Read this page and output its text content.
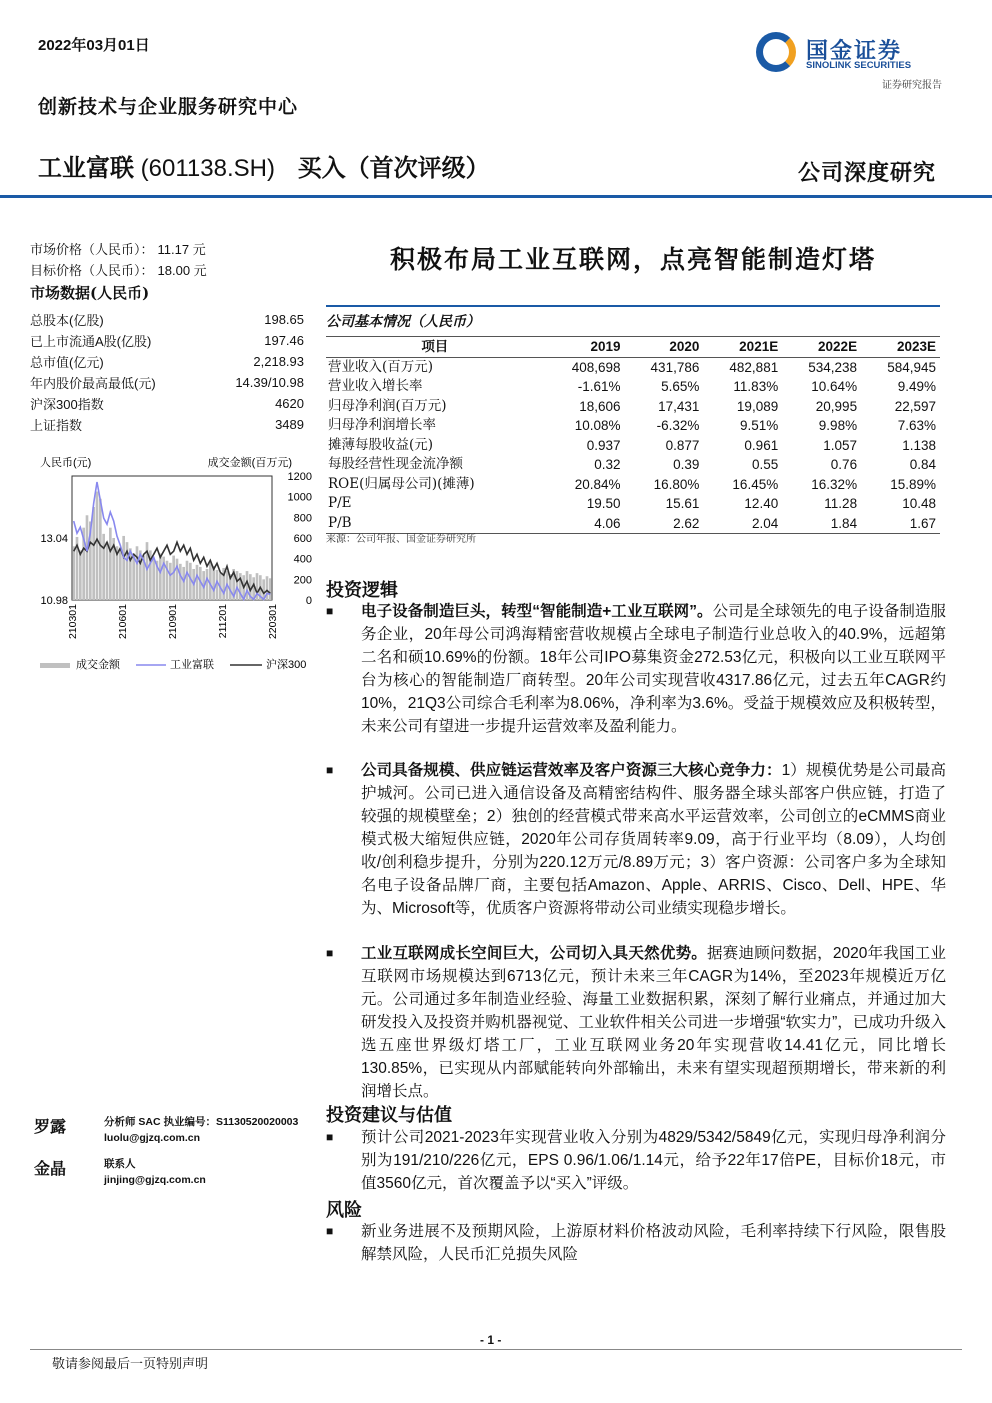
2022年03月01日
创新技术与企业服务研究中心
国金证券
SINOLINK SECURITIES
证券研究报告
工业富联 (601138.SH) 买入（首次评级）	公司深度研究
市场价格（人民币）： 11.17 元
目标价格（人民币）： 18.00 元
市场数据(人民币)
总股本(亿股)	198.65
已上市流通A股(亿股)	197.46
总市值(亿元)	2,218.93
年内股价最高最低(元)	14.39/10.98
沪深300指数	4620
上证指数	3489
人民币(元)	成交金额(百万元)
13.04
10.98
1200
1000
800
600
400
200
0
210301	210601	210901	211201	220301
成交金额	工业富联	沪深300
罗露	分析师 SAC 执业编号：S1130520020003
luolu@gjzq.com.cn
金晶	联系人
jinjing@gjzq.com.cn
积极布局工业互联网，点亮智能制造灯塔
公司基本情况（人民币）
项目	2019	2020	2021E	2022E	2023E
营业收入(百万元)	408,698	431,786	482,881	534,238	584,945
营业收入增长率	-1.61%	5.65%	11.83%	10.64%	9.49%
归母净利润(百万元)	18,606	17,431	19,089	20,995	22,597
归母净利润增长率	10.08%	-6.32%	9.51%	9.98%	7.63%
摊薄每股收益(元)	0.937	0.877	0.961	1.057	1.138
每股经营性现金流净额	0.32	0.39	0.55	0.76	0.84
ROE(归属母公司)(摊薄)	20.84%	16.80%	16.45%	16.32%	15.89%
P/E	19.50	15.61	12.40	11.28	10.48
P/B	4.06	2.62	2.04	1.84	1.67
来源：公司年报、国金证券研究所
投资逻辑
■ 电子设备制造巨头，转型“智能制造+工业互联网”。公司是全球领先的电子设备制造服务企业，20年母公司鸿海精密营收规模占全球电子制造行业总收入的40.9%，远超第二名和硕10.69%的份额。18年公司IPO募集资金272.53亿元，积极向以工业互联网平台为核心的智能制造厂商转型。20年公司实现营收4317.86亿元，过去五年CAGR约10%，21Q3公司综合毛利率为8.06%，净利率为3.6%。受益于规模效应及积极转型，未来公司有望进一步提升运营效率及盈利能力。
■ 公司具备规模、供应链运营效率及客户资源三大核心竞争力：1）规模优势是公司最高护城河。公司已进入通信设备及高精密结构件、服务器全球头部客户供应链，打造了较强的规模壁垒；2）独创的经营模式带来高水平运营效率，公司创立的eCMMS商业模式极大缩短供应链，2020年公司存货周转率9.09，高于行业平均（8.09），人均创收/创利稳步提升，分别为220.12万元/8.89万元；3）客户资源：公司客户多为全球知名电子设备品牌厂商，主要包括Amazon、Apple、ARRIS、Cisco、Dell、HPE、华为、Microsoft等，优质客户资源将带动公司业绩实现稳步增长。
■ 工业互联网成长空间巨大，公司切入具天然优势。据赛迪顾问数据，2020年我国工业互联网市场规模达到6713亿元，预计未来三年CAGR为14%，至2023年规模近万亿元。公司通过多年制造业经验、海量工业数据积累，深刻了解行业痛点，并通过加大研发投入及投资并购机器视觉、工业软件相关公司进一步增强“软实力”，已成功升级入选五座世界级灯塔工厂，工业互联网业务20年实现营收14.41亿元，同比增长130.85%，已实现从内部赋能转向外部输出，未来有望实现超预期增长，带来新的利润增长点。
投资建议与估值
■ 预计公司2021-2023年实现营业收入分别为4829/5342/5849亿元，实现归母净利润分别为191/210/226亿元，EPS 0.96/1.06/1.14元，给予22年17倍PE，目标价18元，市值3560亿元，首次覆盖予以“买入”评级。
风险
■ 新业务进展不及预期风险，上游原材料价格波动风险，毛利率持续下行风险，限售股解禁风险，人民币汇兑损失风险
- 1 -
敬请参阅最后一页特别声明
